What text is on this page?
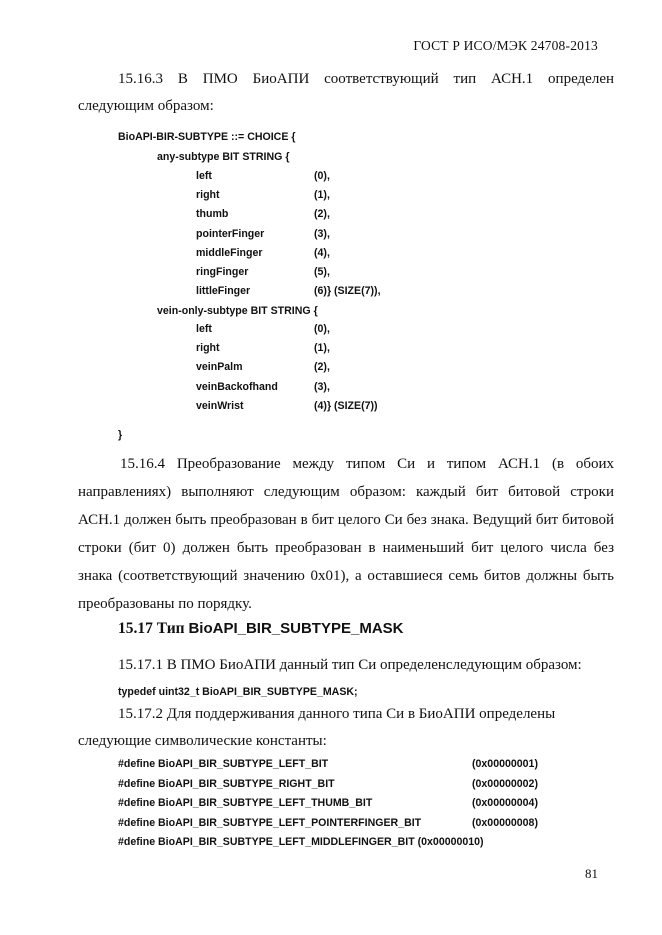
ГОСТ Р ИСО/МЭК 24708-2013
15.16.3 В ПМО БиоАПИ соответствующий тип АСН.1 определен
следующим образом:
BioAPI-BIR-SUBTYPE ::= CHOICE {
any-subtype BIT STRING {
left	(0),
right	(1),
thumb	(2),
pointerFinger	(3),
middleFinger	(4),
ringFinger	(5),
littleFinger	(6)} (SIZE(7)),
vein-only-subtype BIT STRING {
left	(0),
right	(1),
veinPalm	(2),
veinBackofhand	(3),
veinWrist	(4)} (SIZE(7))
}
15.16.4 Преобразование между типом Си и типом АСН.1 (в обоих направлениях) выполняют следующим образом: каждый бит битовой строки АСН.1 должен быть преобразован в бит целого Си без знака. Ведущий бит битовой строки (бит 0) должен быть преобразован в наименьший бит целого числа без знака (соответствующий значению 0x01), а оставшиеся семь битов должны быть преобразованы по порядку.
15.17 Тип BioAPI_BIR_SUBTYPE_MASK
15.17.1 В ПМО БиоАПИ данный тип Си определенследующим образом:
typedef uint32_t BioAPI_BIR_SUBTYPE_MASK;
15.17.2 Для поддерживания данного типа Си в БиоАПИ определены
следующие символические константы:
#define BioAPI_BIR_SUBTYPE_LEFT_BIT	(0x00000001)
#define BioAPI_BIR_SUBTYPE_RIGHT_BIT	(0x00000002)
#define BioAPI_BIR_SUBTYPE_LEFT_THUMB_BIT	(0x00000004)
#define BioAPI_BIR_SUBTYPE_LEFT_POINTERFINGER_BIT	(0x00000008)
#define BioAPI_BIR_SUBTYPE_LEFT_MIDDLEFINGER_BIT (0x00000010)
81
